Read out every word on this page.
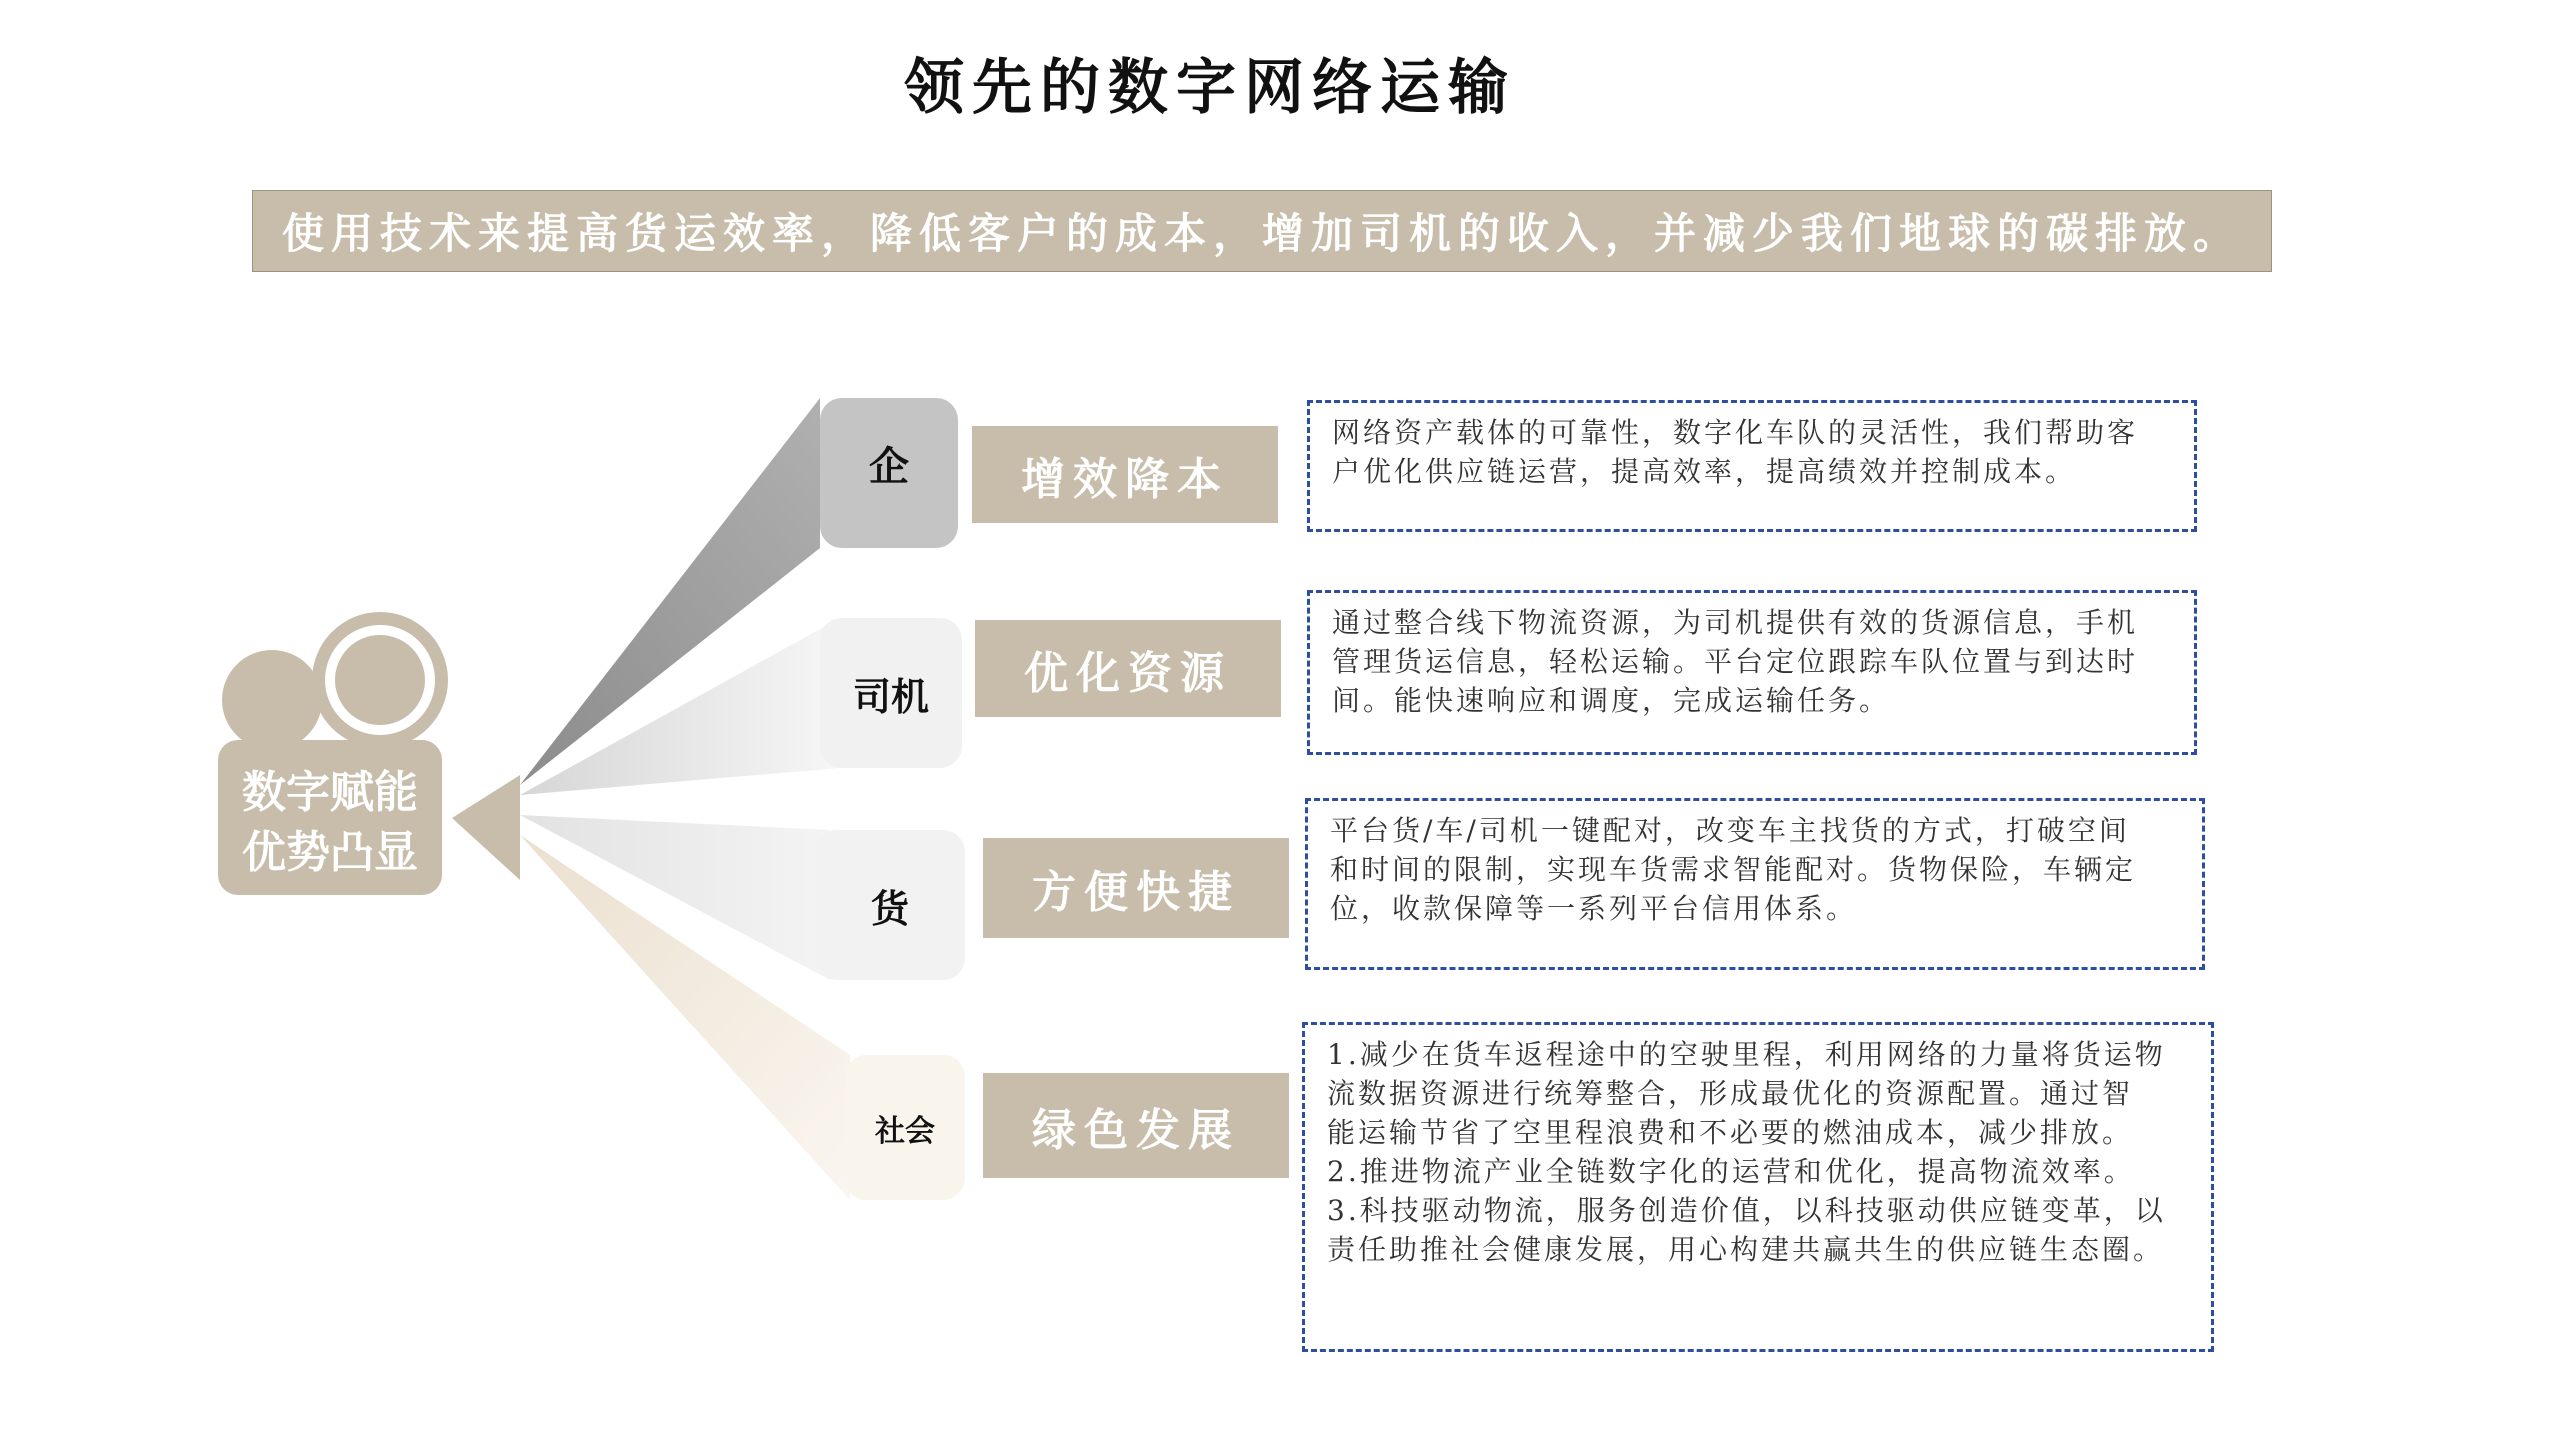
领先的数字网络运输
使用技术来提高货运效率，降低客户的成本，增加司机的收入，并减少我们地球的碳排放。
数字赋能
优势凸显
企	增效降本
网络资产载体的可靠性，数字化车队的灵活性，我们帮助客
户优化供应链运营，提高效率，提高绩效并控制成本。
司机	优化资源
通过整合线下物流资源，为司机提供有效的货源信息，手机
管理货运信息，轻松运输。平台定位跟踪车队位置与到达时
间。能快速响应和调度，完成运输任务。
货	方便快捷
平台货/车/司机一键配对，改变车主找货的方式，打破空间
和时间的限制，实现车货需求智能配对。货物保险，车辆定
位，收款保障等一系列平台信用体系。
社会	绿色发展
1.减少在货车返程途中的空驶里程，利用网络的力量将货运物
流数据资源进行统筹整合，形成最优化的资源配置。通过智
能运输节省了空里程浪费和不必要的燃油成本，减少排放。
2.推进物流产业全链数字化的运营和优化，提高物流效率。
3.科技驱动物流，服务创造价值，以科技驱动供应链变革，以
责任助推社会健康发展，用心构建共赢共生的供应链生态圈。
